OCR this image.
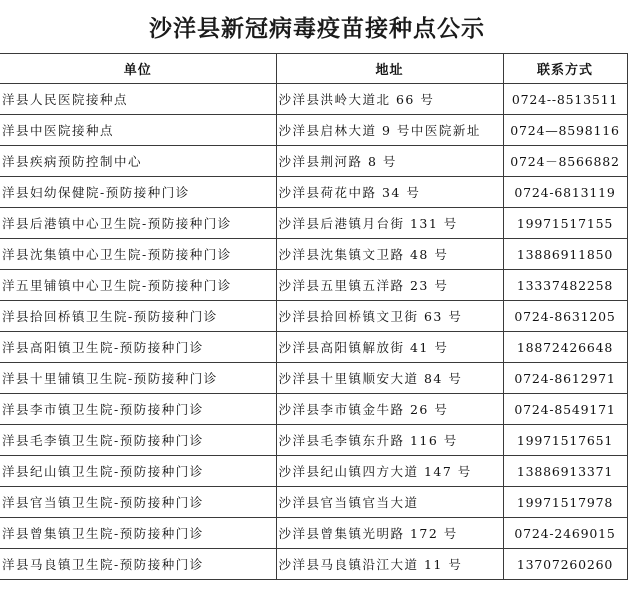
沙洋县新冠病毒疫苗接种点公示
单位	地址	联系方式
洋县人民医院接种点	沙洋县洪岭大道北 66 号	0724--8513511
洋县中医院接种点	沙洋县启林大道 9 号中医院新址	0724—8598116
洋县疾病预防控制中心	沙洋县荆河路 8 号	0724－8566882
洋县妇幼保健院-预防接种门诊	沙洋县荷花中路 34 号	0724-6813119
洋县后港镇中心卫生院-预防接种门诊	沙洋县后港镇月台街 131 号	19971517155
洋县沈集镇中心卫生院-预防接种门诊	沙洋县沈集镇文卫路 48 号	13886911850
洋五里铺镇中心卫生院-预防接种门诊	沙洋县五里镇五洋路 23 号	13337482258
洋县拾回桥镇卫生院-预防接种门诊	沙洋县拾回桥镇文卫街 63 号	0724-8631205
洋县高阳镇卫生院-预防接种门诊	沙洋县高阳镇解放街 41 号	18872426648
洋县十里铺镇卫生院-预防接种门诊	沙洋县十里镇顺安大道 84 号	0724-8612971
洋县李市镇卫生院-预防接种门诊	沙洋县李市镇金牛路 26 号	0724-8549171
洋县毛李镇卫生院-预防接种门诊	沙洋县毛李镇东升路 116 号	19971517651
洋县纪山镇卫生院-预防接种门诊	沙洋县纪山镇四方大道 147 号	13886913371
洋县官当镇卫生院-预防接种门诊	沙洋县官当镇官当大道	19971517978
洋县曾集镇卫生院-预防接种门诊	沙洋县曾集镇光明路 172 号	0724-2469015
洋县马良镇卫生院-预防接种门诊	沙洋县马良镇沿江大道 11 号	13707260260
